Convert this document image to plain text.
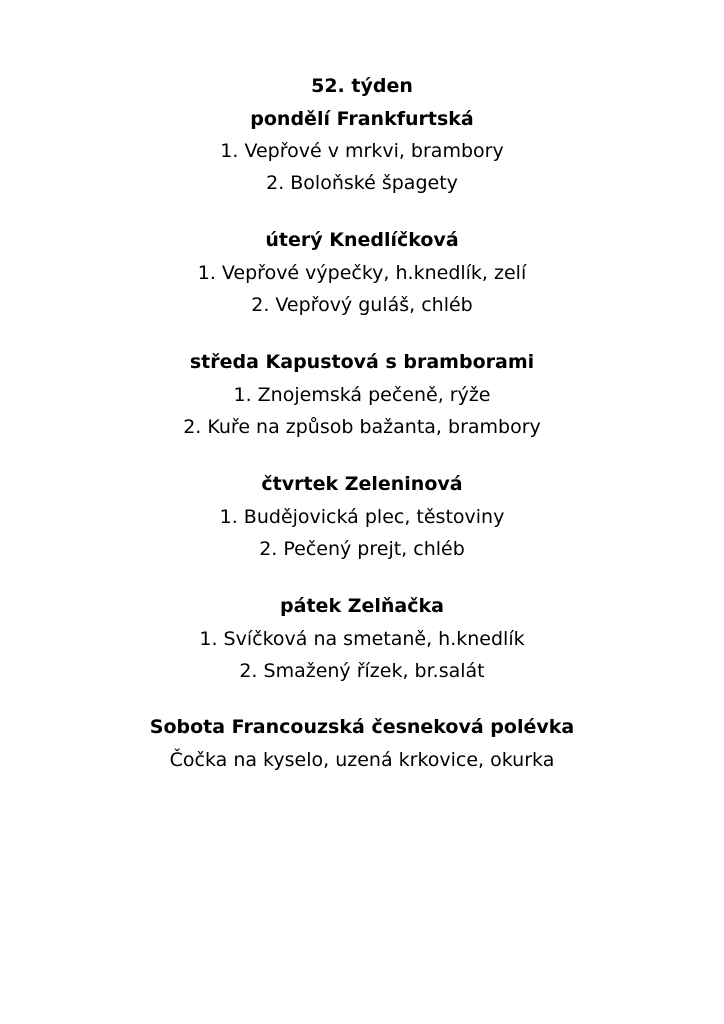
52. týden
pondělí Frankfurtská
1. Vepřové v mrkvi, brambory
2. Boloňské špagety
úterý Knedlíčková
1. Vepřové výpečky, h.knedlík, zelí
2. Vepřový guláš, chléb
středa Kapustová s bramborami
1. Znojemská pečeně, rýže
2. Kuře na způsob bažanta, brambory
čtvrtek Zeleninová
1. Budějovická plec, těstoviny
2. Pečený prejt, chléb
pátek Zelňačka
1. Svíčková na smetaně, h.knedlík
2. Smažený řízek, br.salát
Sobota Francouzská česneková polévka
Čočka na kyselo, uzená krkovice, okurka
